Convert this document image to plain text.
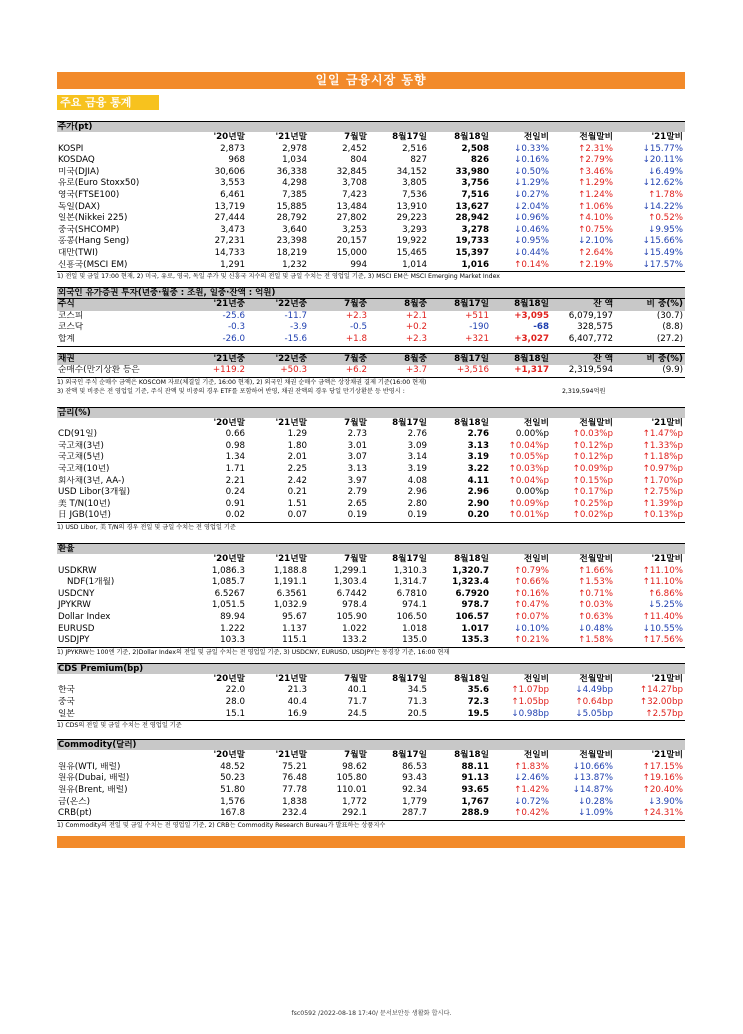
일일 금융시장 동향
주요 금융 통계
주가(pt)
	'20년말	'21년말	7월말	8월17일	8월18일	전일비	전월말비	'21말비
KOSPI	2,873	2,978	2,452	2,516	2,508	↓0.33%	↑2.31%	↓15.77%
KOSDAQ	968	1,034	804	827	826	↓0.16%	↑2.79%	↓20.11%
미국(DJIA)	30,606	36,338	32,845	34,152	33,980	↓0.50%	↑3.46%	↓6.49%
유로(Euro Stoxx50)	3,553	4,298	3,708	3,805	3,756	↓1.29%	↑1.29%	↓12.62%
영국(FTSE100)	6,461	7,385	7,423	7,536	7,516	↓0.27%	↑1.24%	↑1.78%
독일(DAX)	13,719	15,885	13,484	13,910	13,627	↓2.04%	↑1.06%	↓14.22%
일본(Nikkei 225)	27,444	28,792	27,802	29,223	28,942	↓0.96%	↑4.10%	↑0.52%
중국(SHCOMP)	3,473	3,640	3,253	3,293	3,278	↓0.46%	↑0.75%	↓9.95%
홍콩(Hang Seng)	27,231	23,398	20,157	19,922	19,733	↓0.95%	↓2.10%	↓15.66%
대만(TWI)	14,733	18,219	15,000	15,465	15,397	↓0.44%	↑2.64%	↓15.49%
신흥국(MSCI EM)	1,291	1,232	994	1,014	1,016	↑0.14%	↑2.19%	↓17.57%
1) 전일 및 금일 17:00 현재, 2) 미국, 유로, 영국, 독일 주가 및 신흥국 지수의 전일 및 금일 수치는 전 영업일 기준, 3) MSCI EM은 MSCI Emerging Market Index
외국인 유가증권 투자(년중·월중 : 조원, 일중·잔액 : 억원)
주식	'21년중	'22년중	7월중	8월중	8월17일	8월18일	잔 액	비 중(%)
코스피	-25.6	-11.7	+2.3	+2.1	+511	+3,095	6,079,197	(30.7)
코스닥	-0.3	-3.9	-0.5	+0.2	-190	-68	328,575	(8.8)
합계	-26.0	-15.6	+1.8	+2.3	+321	+3,027	6,407,772	(27.2)
채권	'21년중	'22년중	7월중	8월중	8월17일	8월18일	잔 액	비 중(%)
순매수(만기상환 등은	+119.2	+50.3	+6.2	+3.7	+3,516	+1,317	2,319,594	(9.9)
1) 외국인 주식 순매수 금액은 KOSCOM 자료(체결일 기준, 16:00 현재), 2) 외국인 채권 순매수 금액은 상장채권 결제 기준(16:00 현재)
3) 잔액 및 비중은 전 영업일 기준, 주식 잔액 및 비중의 경우 ETF를 포함하여 반영, 채권 잔액의 경우 당일 만기상환분 등 반영시 :	2,319,594억원
금리(%)
	'20년말	'21년말	7월말	8월17일	8월18일	전일비	전월말비	'21말비
CD(91일)	0.66	1.29	2.73	2.76	2.76	0.00%p	↑0.03%p	↑1.47%p
국고채(3년)	0.98	1.80	3.01	3.09	3.13	↑0.04%p	↑0.12%p	↑1.33%p
국고채(5년)	1.34	2.01	3.07	3.14	3.19	↑0.05%p	↑0.12%p	↑1.18%p
국고채(10년)	1.71	2.25	3.13	3.19	3.22	↑0.03%p	↑0.09%p	↑0.97%p
회사채(3년, AA-)	2.21	2.42	3.97	4.08	4.11	↑0.04%p	↑0.15%p	↑1.70%p
USD Libor(3개월)	0.24	0.21	2.79	2.96	2.96	0.00%p	↑0.17%p	↑2.75%p
美 T/N(10년)	0.91	1.51	2.65	2.80	2.90	↑0.09%p	↑0.25%p	↑1.39%p
日 JGB(10년)	0.02	0.07	0.19	0.19	0.20	↑0.01%p	↑0.02%p	↑0.13%p
1) USD Libor, 美 T/N의 경우 전일 및 금일 수치는 전 영업일 기준
환율
	'20년말	'21년말	7월말	8월17일	8월18일	전일비	전월말비	'21말비
USDKRW	1,086.3	1,188.8	1,299.1	1,310.3	1,320.7	↑0.79%	↑1.66%	↑11.10%
NDF(1개월)	1,085.7	1,191.1	1,303.4	1,314.7	1,323.4	↑0.66%	↑1.53%	↑11.10%
USDCNY	6.5267	6.3561	6.7442	6.7810	6.7920	↑0.16%	↑0.71%	↑6.86%
JPYKRW	1,051.5	1,032.9	978.4	974.1	978.7	↑0.47%	↑0.03%	↓5.25%
Dollar Index	89.94	95.67	105.90	106.50	106.57	↑0.07%	↑0.63%	↑11.40%
EURUSD	1.222	1.137	1.022	1.018	1.017	↓0.10%	↓0.48%	↓10.55%
USDJPY	103.3	115.1	133.2	135.0	135.3	↑0.21%	↑1.58%	↑17.56%
1) JPYKRW는 100엔 기준, 2)Dollar Index의 전일 및 금일 수치는 전 영업일 기준, 3) USDCNY, EURUSD, USDJPY는 동경장 기준, 16:00 현재
CDS Premium(bp)
	'20년말	'21년말	7월말	8월17일	8월18일	전일비	전월말비	'21말비
한국	22.0	21.3	40.1	34.5	35.6	↑1.07bp	↓4.49bp	↑14.27bp
중국	28.0	40.4	71.7	71.3	72.3	↑1.05bp	↑0.64bp	↑32.00bp
일본	15.1	16.9	24.5	20.5	19.5	↓0.98bp	↓5.05bp	↑2.57bp
1) CDS의 전일 및 금일 수치는 전 영업일 기준
Commodity(달러)
	'20년말	'21년말	7월말	8월17일	8월18일	전일비	전월말비	'21말비
원유(WTI, 배럴)	48.52	75.21	98.62	86.53	88.11	↑1.83%	↓10.66%	↑17.15%
원유(Dubai, 배럴)	50.23	76.48	105.80	93.43	91.13	↓2.46%	↓13.87%	↑19.16%
원유(Brent, 배럴)	51.80	77.78	110.01	92.34	93.65	↑1.42%	↓14.87%	↑20.40%
금(온스)	1,576	1,838	1,772	1,779	1,767	↓0.72%	↓0.28%	↓3.90%
CRB(pt)	167.8	232.4	292.1	287.7	288.9	↑0.42%	↓1.09%	↑24.31%
1) Commodity의 전일 및 금일 수치는 전 영업일 기준, 2) CRB는 Commodity Research Bureau가 발표하는 상품지수
fsc0592 /2022-08-18 17:40/ 문서보안등 생활화 합시다.
